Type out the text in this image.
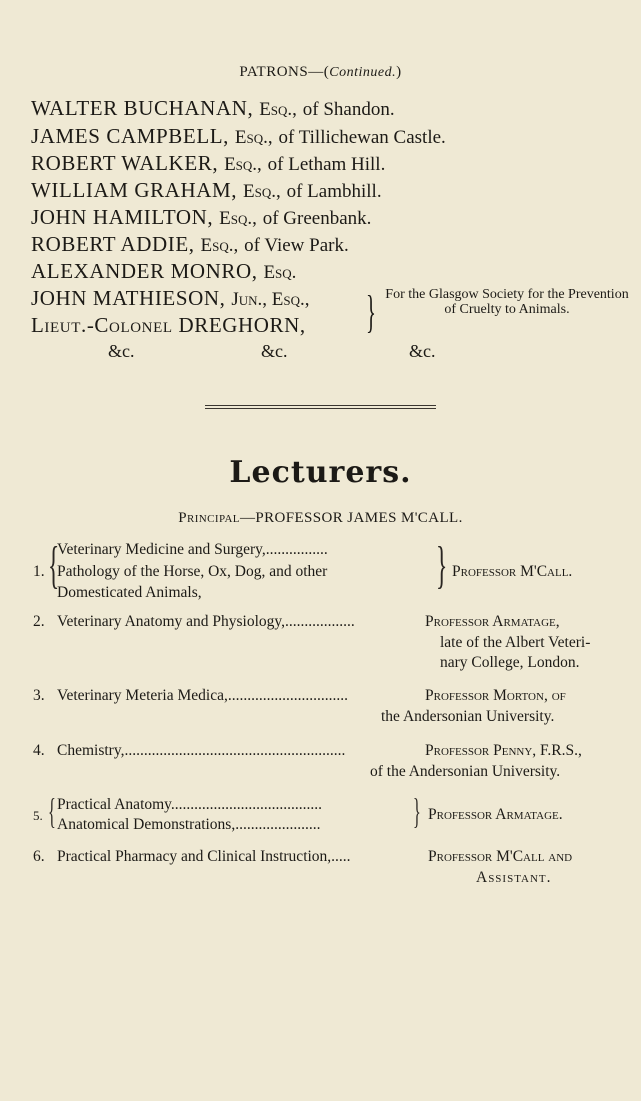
PATRONS—(Continued.)
WALTER BUCHANAN, Esq., of Shandon.
JAMES CAMPBELL, Esq., of Tillichewan Castle.
ROBERT WALKER, Esq., of Letham Hill.
WILLIAM GRAHAM, Esq., of Lambhill.
JOHN HAMILTON, Esq., of Greenbank.
ROBERT ADDIE, Esq., of View Park.
ALEXANDER MONRO, Esq.
JOHN MATHIESON, Jun., Esq.,
Lieut.-Colonel DREGHORN, } For the Glasgow Society for the Prevention of Cruelty to Animals.
&c.	&c.	&c.
Lecturers.
Principal—PROFESSOR JAMES M'CALL.
1. {
Veterinary Medicine and Surgery,................
Pathology of the Horse, Ox, Dog, and other
Domesticated Animals,	} Professor M'Call.
2. Veterinary Anatomy and Physiology,..................	Professor Armatage,
late of the Albert Veteri-
nary College, London.
3. Veterinary Meteria Medica,...............................	Professor Morton, of
the Andersonian University.
4. Chemistry,.........................................................	Professor Penny, F.R.S.,
of the Andersonian University.
5. { Practical Anatomy.......................................
Anatomical Demonstrations,......................	} Professor Armatage.
6. Practical Pharmacy and Clinical Instruction,.....	Professor M'Call and
Assistant.
